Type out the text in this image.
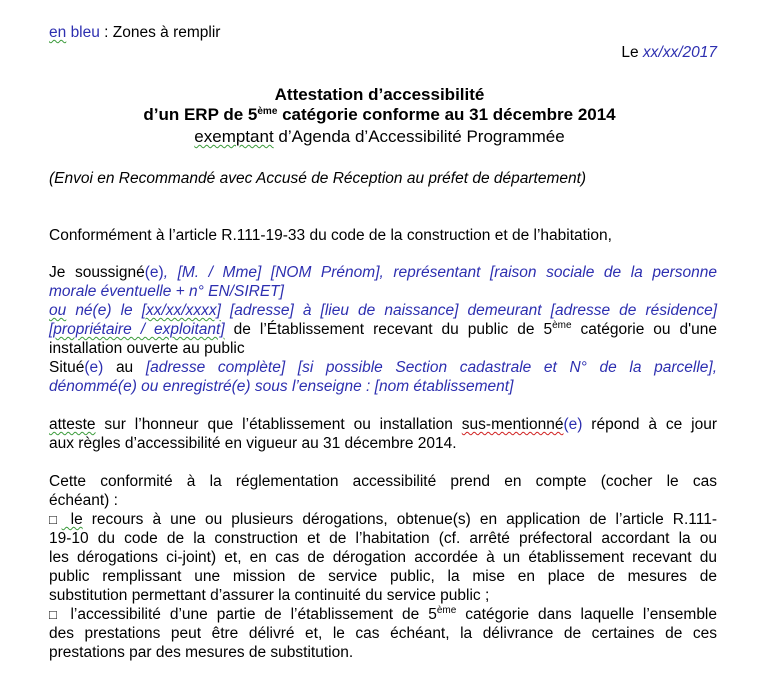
en bleu : Zones à remplir
Le xx/xx/2017
Attestation d’accessibilité
d’un ERP de 5ème catégorie conforme au 31 décembre 2014
exemptant d’Agenda d’Accessibilité Programmée
(Envoi en Recommandé avec Accusé de Réception au préfet de département)
Conformément à l’article R.111-19-33 du code de la construction et de l’habitation,
Je soussigné(e), [M. / Mme] [NOM Prénom], représentant [raison sociale de la personne
morale éventuelle + n° EN/SIRET]
ou né(e) le [xx/xx/xxxx] [adresse] à [lieu de naissance] demeurant [adresse de résidence]
[propriétaire / exploitant] de l’Établissement recevant du public de 5ème catégorie ou d'une
installation ouverte au public
Situé(e) au [adresse complète] [si possible Section cadastrale et N° de la parcelle],
dénommé(e) ou enregistré(e) sous l’enseigne : [nom établissement]
atteste sur l’honneur que l’établissement ou installation sus-mentionné(e) répond à ce jour
aux règles d’accessibilité en vigueur au 31 décembre 2014.
Cette conformité à la réglementation accessibilité prend en compte (cocher le cas
échéant) :
□ le recours à une ou plusieurs dérogations, obtenue(s) en application de l’article R.111-
19-10 du code de la construction et de l’habitation (cf. arrêté préfectoral accordant la ou
les dérogations ci-joint) et, en cas de dérogation accordée à un établissement recevant du
public remplissant une mission de service public, la mise en place de mesures de
substitution permettant d’assurer la continuité du service public ;
□ l’accessibilité d’une partie de l’établissement de 5ème catégorie dans laquelle l’ensemble
des prestations peut être délivré et, le cas échéant, la délivrance de certaines de ces
prestations par des mesures de substitution.
